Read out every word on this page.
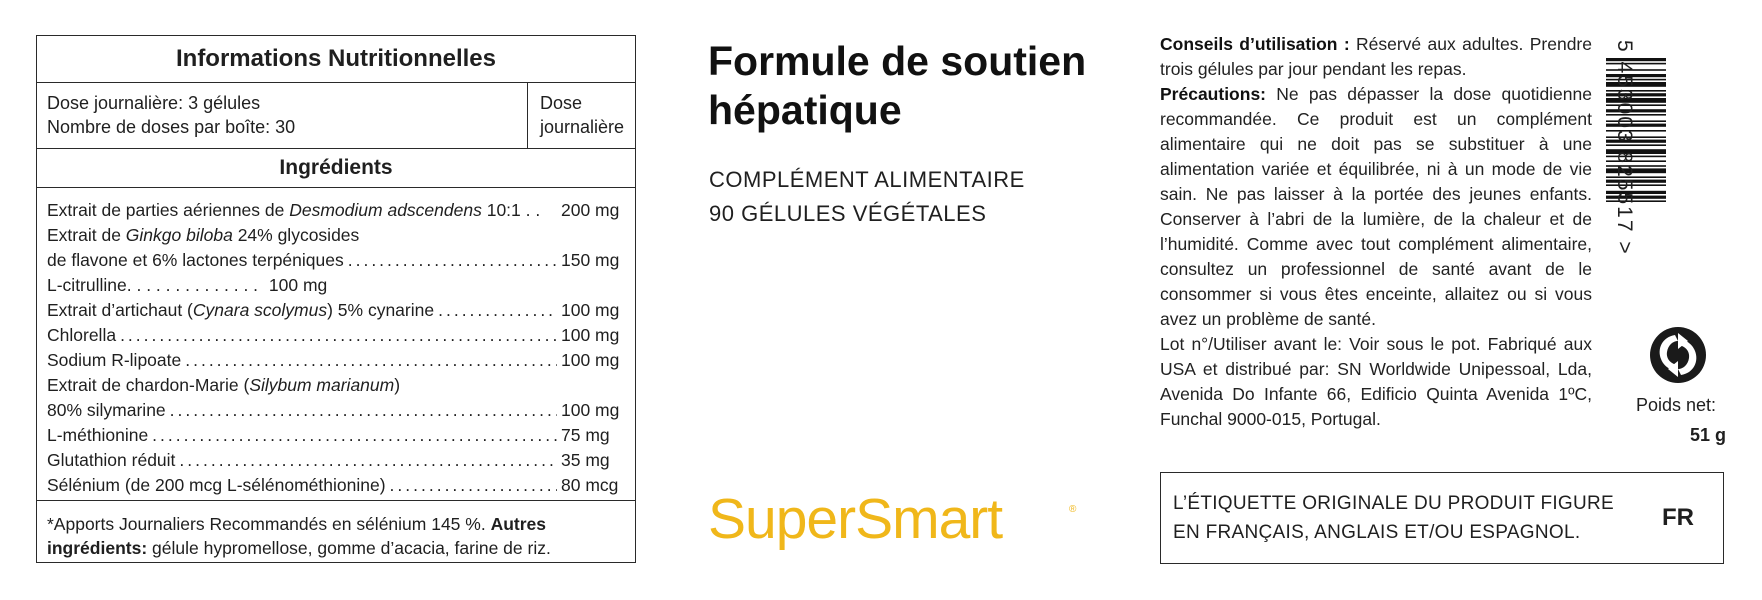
Informations Nutritionnelles
Dose journalière: 3 gélules
Nombre de doses par boîte: 30
Dose
journalière
Ingrédients
Extrait de parties aériennes de Desmodium adscendens 10:1 . . 200 mg
Extrait de Ginkgo biloba 24% glycosides
de flavone et 6% lactones terpéniques .....	150 mg
L-citrulline. . . . . . . . . . . . . . 100 mg
Extrait d’artichaut (Cynara scolymus) 5% cynarine .....	100 mg
Chlorella .....	100 mg
Sodium R-lipoate .....	100 mg
Extrait de chardon-Marie (Silybum marianum)
80% silymarine .....	100 mg
L-méthionine .....	75 mg
Glutathion réduit .....	35 mg
Sélénium (de 200 mcg L-sélénométhionine) .....	80 mcg
*Apports Journaliers Recommandés en sélénium 145 %. Autres ingrédients: gélule hypromellose, gomme d’acacia, farine de riz.
Formule de soutien hépatique
COMPLÉMENT ALIMENTAIRE
90 GÉLULES VÉGÉTALES
SuperSmart	®
Conseils d’utilisation : Réservé aux adultes. Prendre trois gélules par jour pendant les repas.
Précautions: Ne pas dépasser la dose quotidienne recommandée. Ce produit est un complément alimentaire qui ne doit pas se substituer à une alimentation variée et équilibrée, ni à un mode de vie sain. Ne pas laisser à la portée des jeunes enfants. Conserver à l’abri de la lumière, de la chaleur et de l’humidité. Comme avec tout complément alimentaire, consultez un professionnel de santé avant de le consommer si vous êtes enceinte, allaitez ou si vous avez un problème de santé.
Lot n°/Utiliser avant le: Voir sous le pot. Fabriqué aux USA et distribué par: SN Worldwide Unipessoal, Lda, Avenida Do Infante 66, Edificio Quinta Avenida 1ºC, Funchal 9000-015, Portugal.
5 453003 825517 >
Poids net:
51 g
L’ÉTIQUETTE ORIGINALE DU PRODUIT FIGURE
EN FRANÇAIS, ANGLAIS ET/OU ESPAGNOL.
FR
